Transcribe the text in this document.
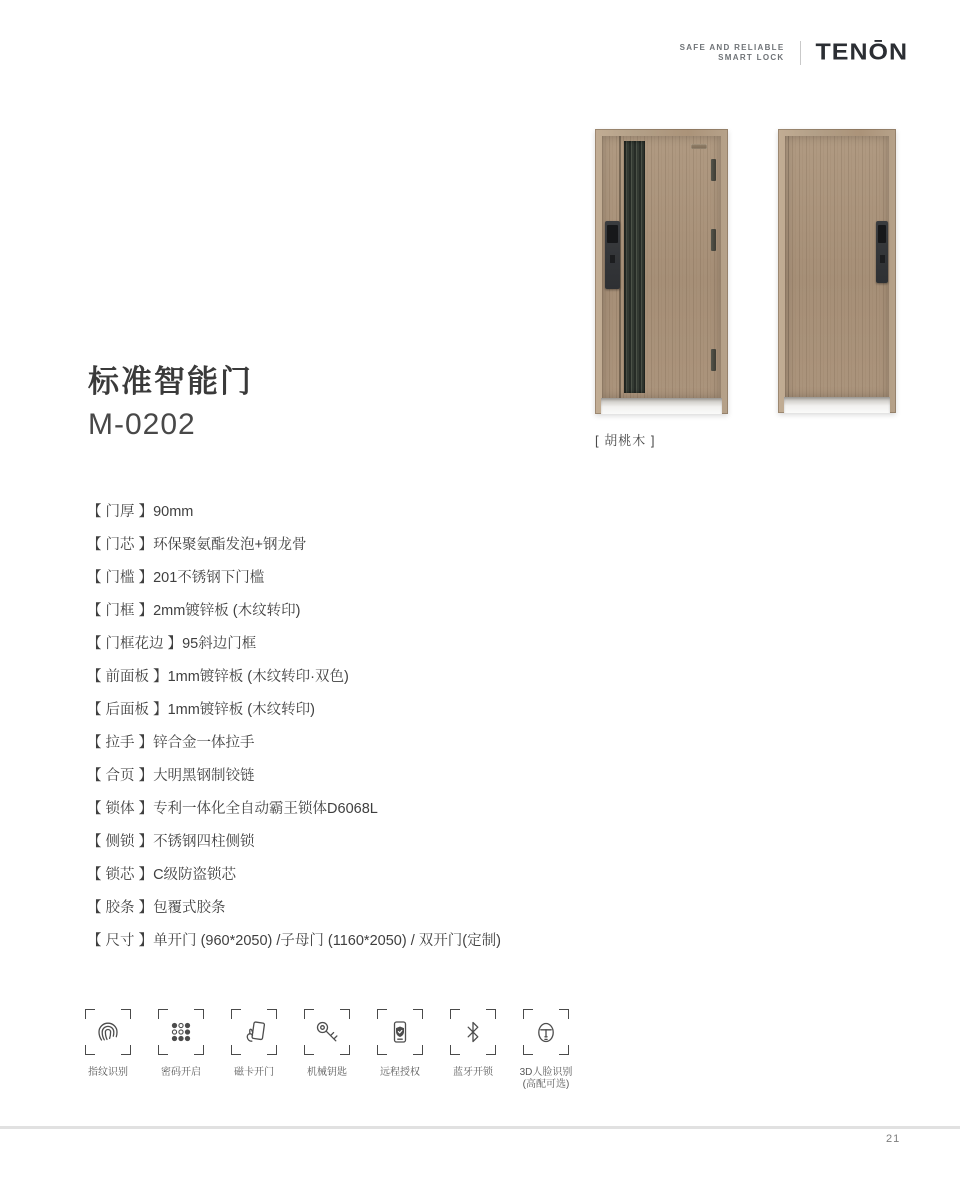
SAFE AND RELIABLE
SMART LOCK TENŌN
[ 胡桃木 ]
标准智能门
M-0202
【 门厚 】90mm
【 门芯 】环保聚氨酯发泡+钢龙骨
【 门槛 】201不锈钢下门槛
【 门框 】2mm镀锌板 (木纹转印)
【 门框花边 】95斜边门框
【 前面板 】1mm镀锌板 (木纹转印·双色)
【 后面板 】1mm镀锌板 (木纹转印)
【 拉手 】锌合金一体拉手
【 合页 】大明黑钢制铰链
【 锁体 】专利一体化全自动霸王锁体D6068L
【 侧锁 】不锈钢四柱侧锁
【 锁芯 】C级防盗锁芯
【 胶条 】包覆式胶条
【 尺寸 】单开门 (960*2050) /子母门 (1160*2050) / 双开门(定制)
指纹识别	密码开启	磁卡开门	机械钥匙	远程授权	蓝牙开锁	3D人脸识别
(高配可选)
21
